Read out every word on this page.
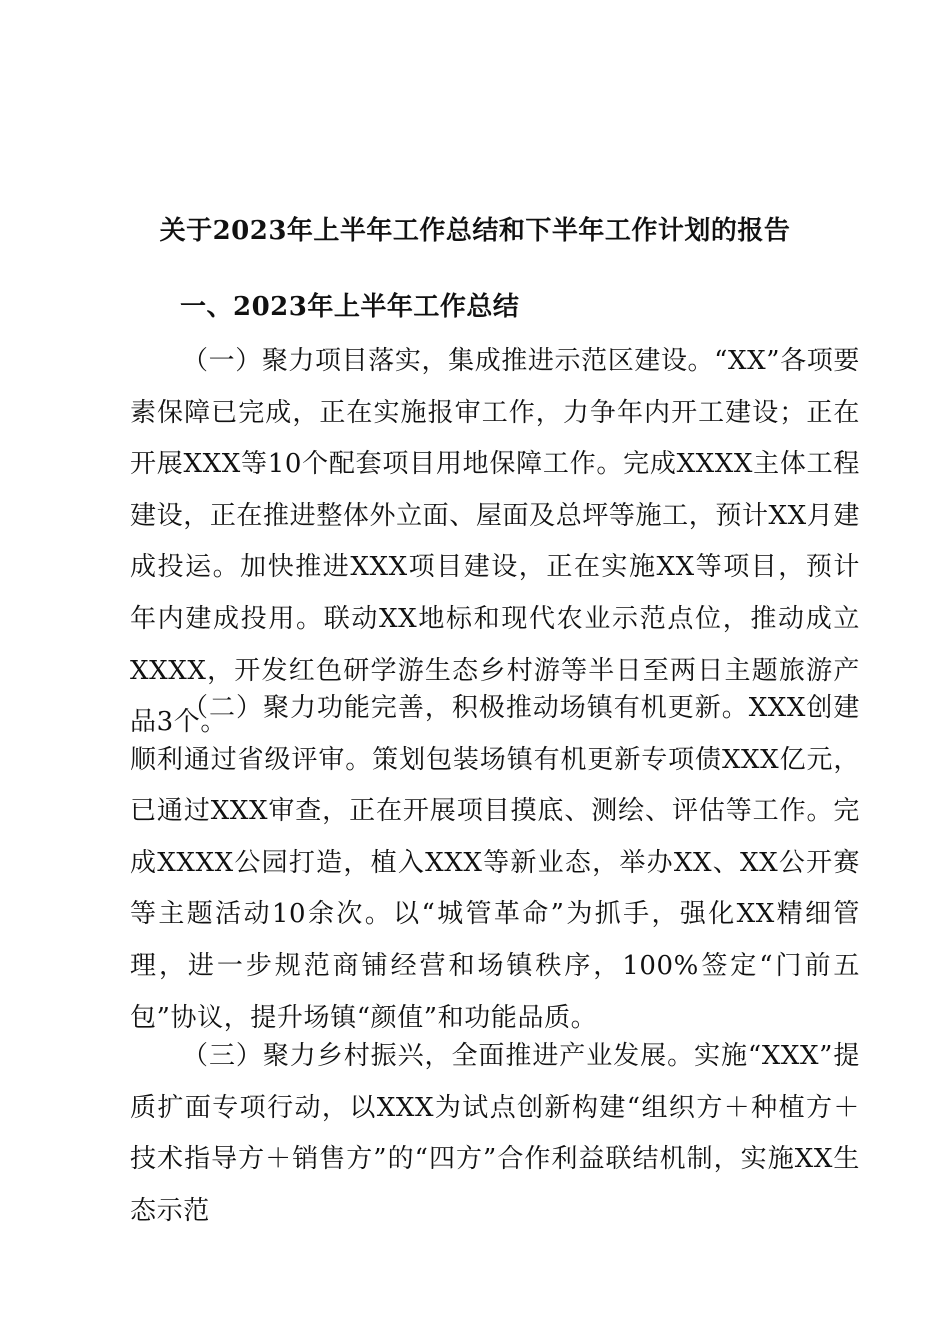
关于2023年上半年工作总结和下半年工作计划的报告
一、2023年上半年工作总结

（一）聚力项目落实，集成推进示范区建设。“XX”各项要素保障已完成，正在实施报审工作，力争年内开工建设；正在开展XXX等10个配套项目用地保障工作。完成XXXX主体工程建设，正在推进整体外立面、屋面及总坪等施工，预计XX月建成投运。加快推进XXX项目建设，正在实施XX等项目，预计年内建成投用。联动XX地标和现代农业示范点位，推动成立XXXX，开发红色研学游生态乡村游等半日至两日主题旅游产品3个。

（二）聚力功能完善，积极推动场镇有机更新。XXX创建顺利通过省级评审。策划包装场镇有机更新专项债XXX亿元，已通过XXX审查，正在开展项目摸底、测绘、评估等工作。完成XXXX公园打造，植入XXX等新业态，举办XX、XX公开赛等主题活动10余次。以“城管革命”为抓手，强化XX精细管理，进一步规范商铺经营和场镇秩序，100%签定“门前五包”协议，提升场镇“颜值”和功能品质。

（三）聚力乡村振兴，全面推进产业发展。实施“XXX”提质扩面专项行动，以XXX为试点创新构建“组织方＋种植方＋技术指导方＋销售方”的“四方”合作利益联结机制，实施XX生态示范
